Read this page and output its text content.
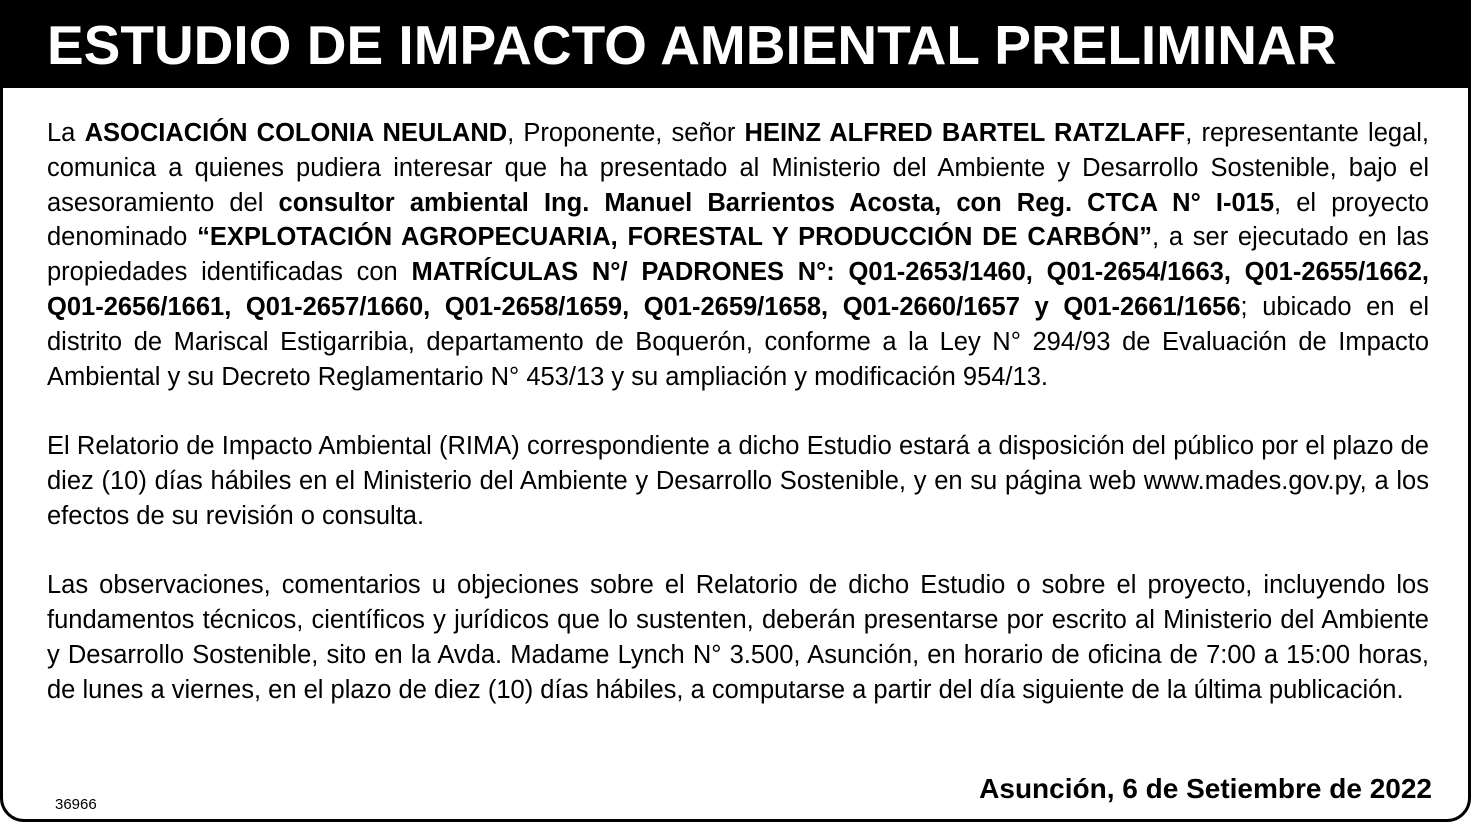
ESTUDIO DE IMPACTO AMBIENTAL PRELIMINAR

La ASOCIACIÓN COLONIA NEULAND, Proponente, señor HEINZ ALFRED BARTEL RATZLAFF, representante legal, comunica a quienes pudiera interesar que ha presentado al Ministerio del Ambiente y Desarrollo Sostenible, bajo el asesoramiento del consultor ambiental Ing. Manuel Barrientos Acosta, con Reg. CTCA N° I-015, el proyecto denominado “EXPLOTACIÓN AGROPECUARIA, FORESTAL Y PRODUCCIÓN DE CARBÓN”, a ser ejecutado en las propiedades identificadas con MATRÍCULAS N°/ PADRONES N°: Q01-2653/1460, Q01-2654/1663, Q01-2655/1662, Q01-2656/1661, Q01-2657/1660, Q01-2658/1659, Q01-2659/1658, Q01-2660/1657 y Q01-2661/1656; ubicado en el distrito de Mariscal Estigarribia, departamento de Boquerón, conforme a la Ley N° 294/93 de Evaluación de Impacto Ambiental y su Decreto Reglamentario N° 453/13 y su ampliación y modificación 954/13.

El Relatorio de Impacto Ambiental (RIMA) correspondiente a dicho Estudio estará a disposición del público por el plazo de diez (10) días hábiles en el Ministerio del Ambiente y Desarrollo Sostenible, y en su página web www.mades.gov.py, a los efectos de su revisión o consulta.

Las observaciones, comentarios u objeciones sobre el Relatorio de dicho Estudio o sobre el proyecto, incluyendo los fundamentos técnicos, científicos y jurídicos que lo sustenten, deberán presentarse por escrito al Ministerio del Ambiente y Desarrollo Sostenible, sito en la Avda. Madame Lynch N° 3.500, Asunción, en horario de oficina de 7:00 a 15:00 horas, de lunes a viernes, en el plazo de diez (10) días hábiles, a computarse a partir del día siguiente de la última publicación.

36966
Asunción, 6 de Setiembre de 2022
